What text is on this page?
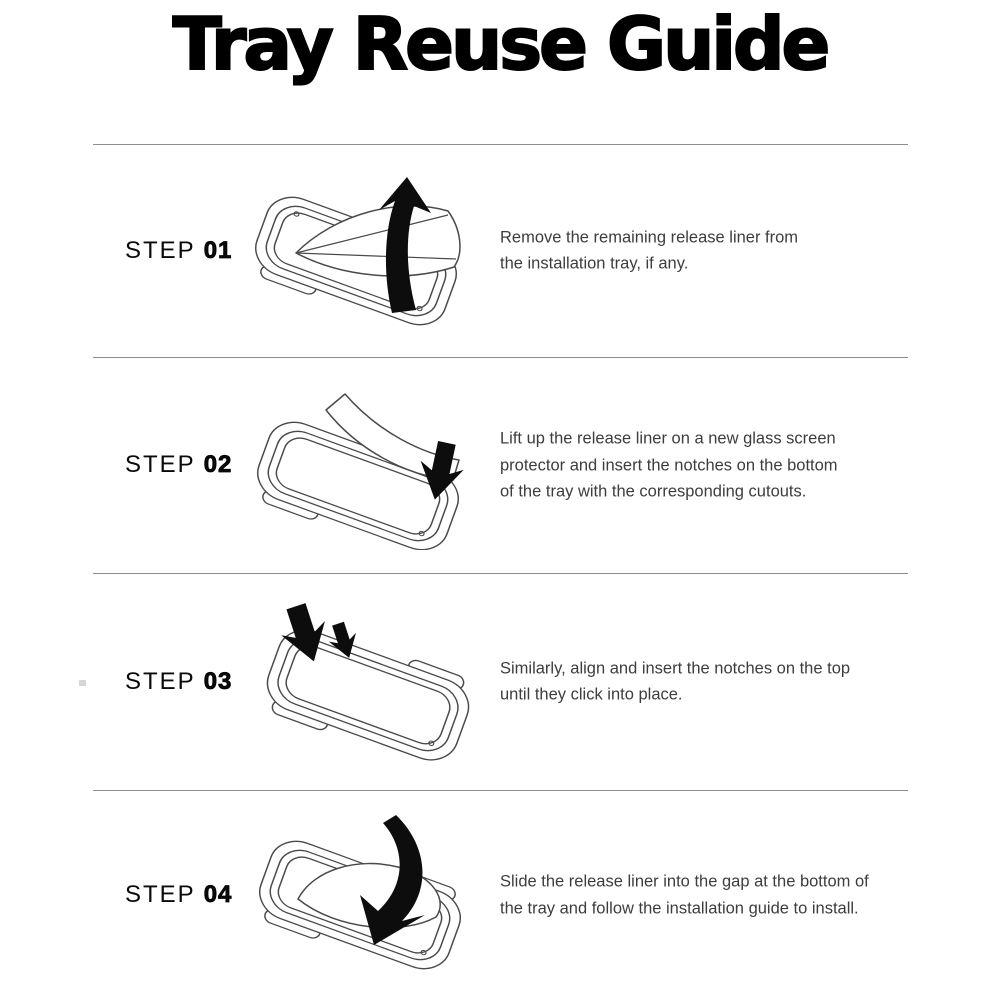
Tray Reuse Guide
STEP 01	Remove the remaining release liner from
the installation tray, if any.
STEP 02
Lift up the release liner on a new glass screen
protector and insert the notches on the bottom
of the tray with the corresponding cutouts.
STEP 03	Similarly, align and insert the notches on the top
until they click into place.
STEP 04	Slide the release liner into the gap at the bottom of
the tray and follow the installation guide to install.
